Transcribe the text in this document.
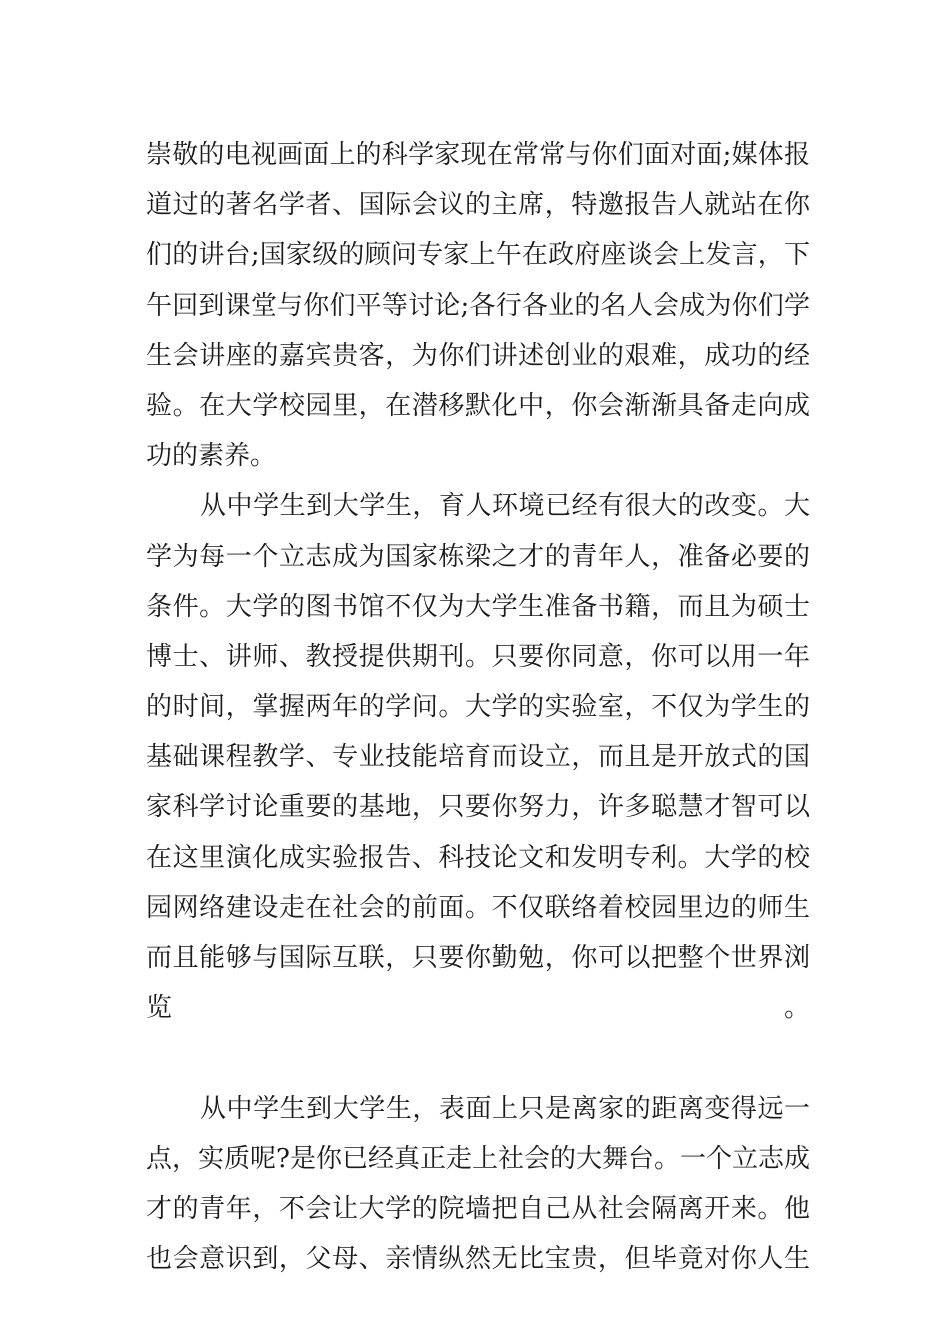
崇敬的电视画面上的科学家现在常常与你们面对面;媒体报
道过的著名学者、国际会议的主席，特邀报告人就站在你
们的讲台;国家级的顾问专家上午在政府座谈会上发言，下
午回到课堂与你们平等讨论;各行各业的名人会成为你们学
生会讲座的嘉宾贵客，为你们讲述创业的艰难，成功的经
验。在大学校园里，在潜移默化中，你会渐渐具备走向成
功的素养。
从中学生到大学生，育人环境已经有很大的改变。大
学为每一个立志成为国家栋梁之才的青年人，准备必要的
条件。大学的图书馆不仅为大学生准备书籍，而且为硕士
博士、讲师、教授提供期刊。只要你同意，你可以用一年
的时间，掌握两年的学问。大学的实验室，不仅为学生的
基础课程教学、专业技能培育而设立，而且是开放式的国
家科学讨论重要的基地，只要你努力，许多聪慧才智可以
在这里演化成实验报告、科技论文和发明专利。大学的校
园网络建设走在社会的前面。不仅联络着校园里边的师生
而且能够与国际互联，只要你勤勉，你可以把整个世界浏
览。
从中学生到大学生，表面上只是离家的距离变得远一
点，实质呢?是你已经真正走上社会的大舞台。一个立志成
才的青年，不会让大学的院墙把自己从社会隔离开来。他
也会意识到，父母、亲情纵然无比宝贵，但毕竟对你人生
